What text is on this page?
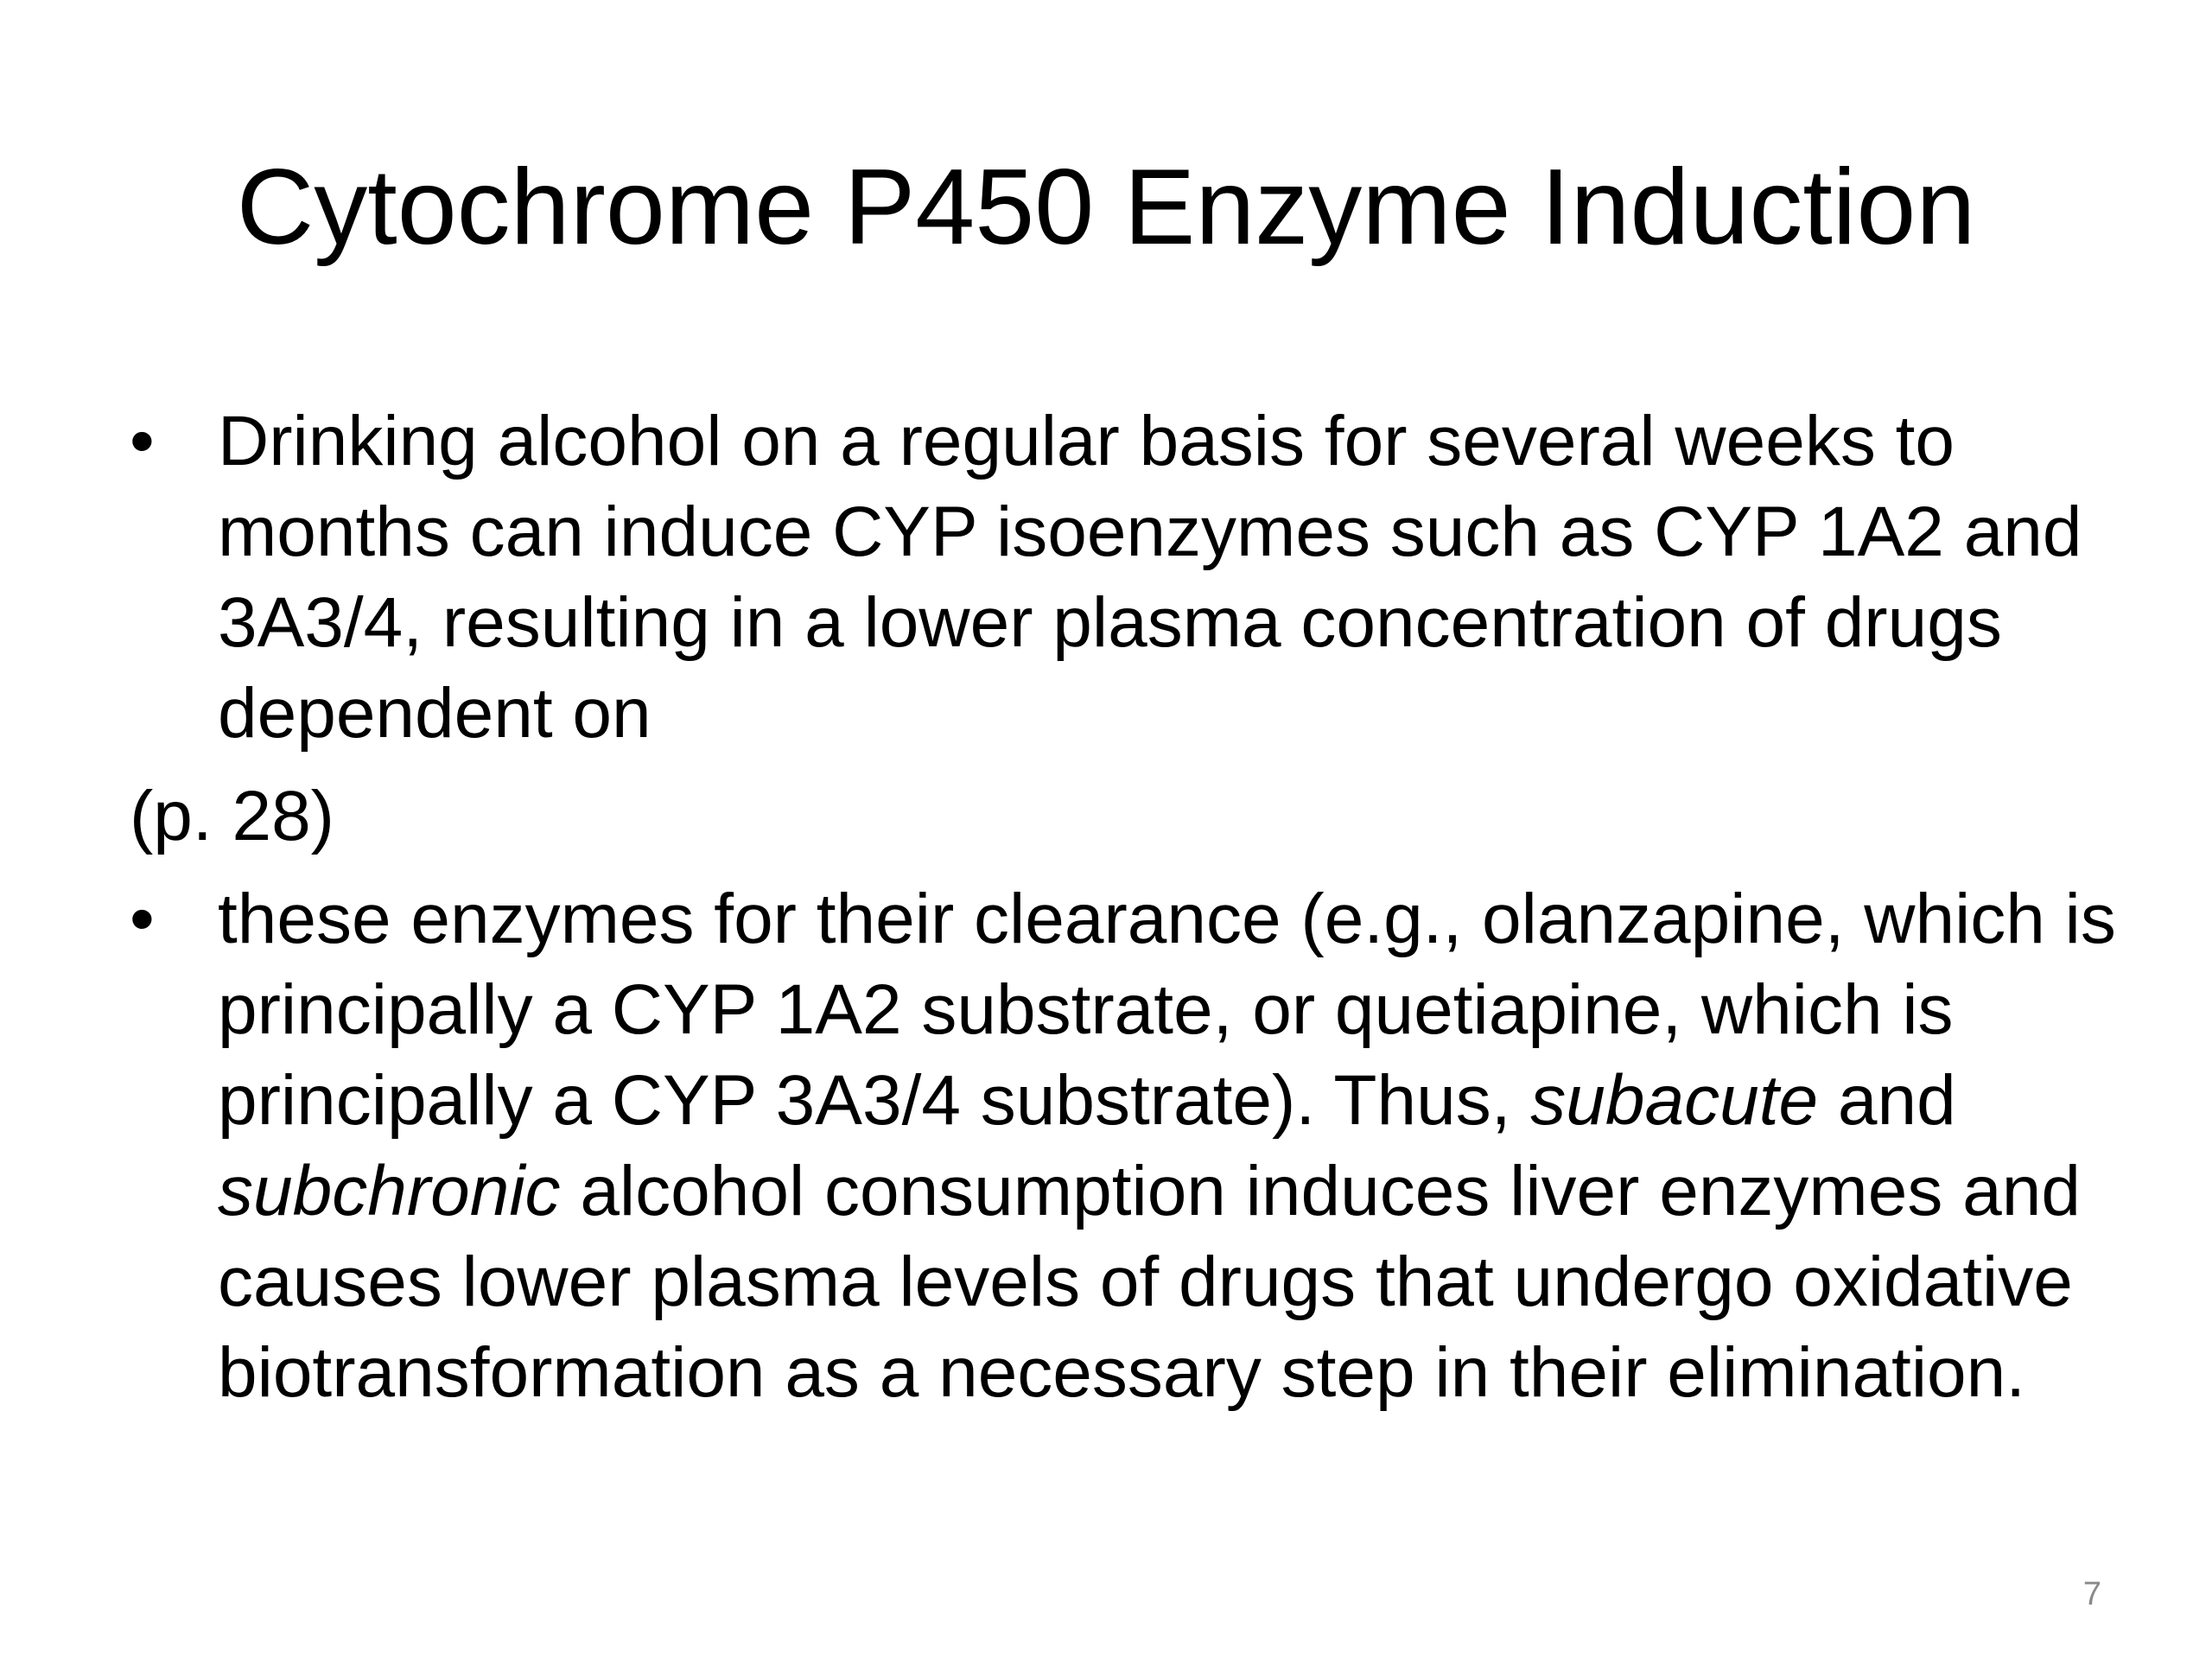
Cytochrome P450 Enzyme Induction

• Drinking alcohol on a regular basis for several weeks to months can induce CYP isoenzymes such as CYP 1A2 and 3A3/4, resulting in a lower plasma concentration of drugs dependent on

(p. 28)

• these enzymes for their clearance (e.g., olanzapine, which is principally a CYP 1A2 substrate, or quetiapine, which is principally a CYP 3A3/4 substrate). Thus, subacute and subchronic alcohol consumption induces liver enzymes and causes lower plasma levels of drugs that undergo oxidative biotransformation as a necessary step in their elimination.

7
